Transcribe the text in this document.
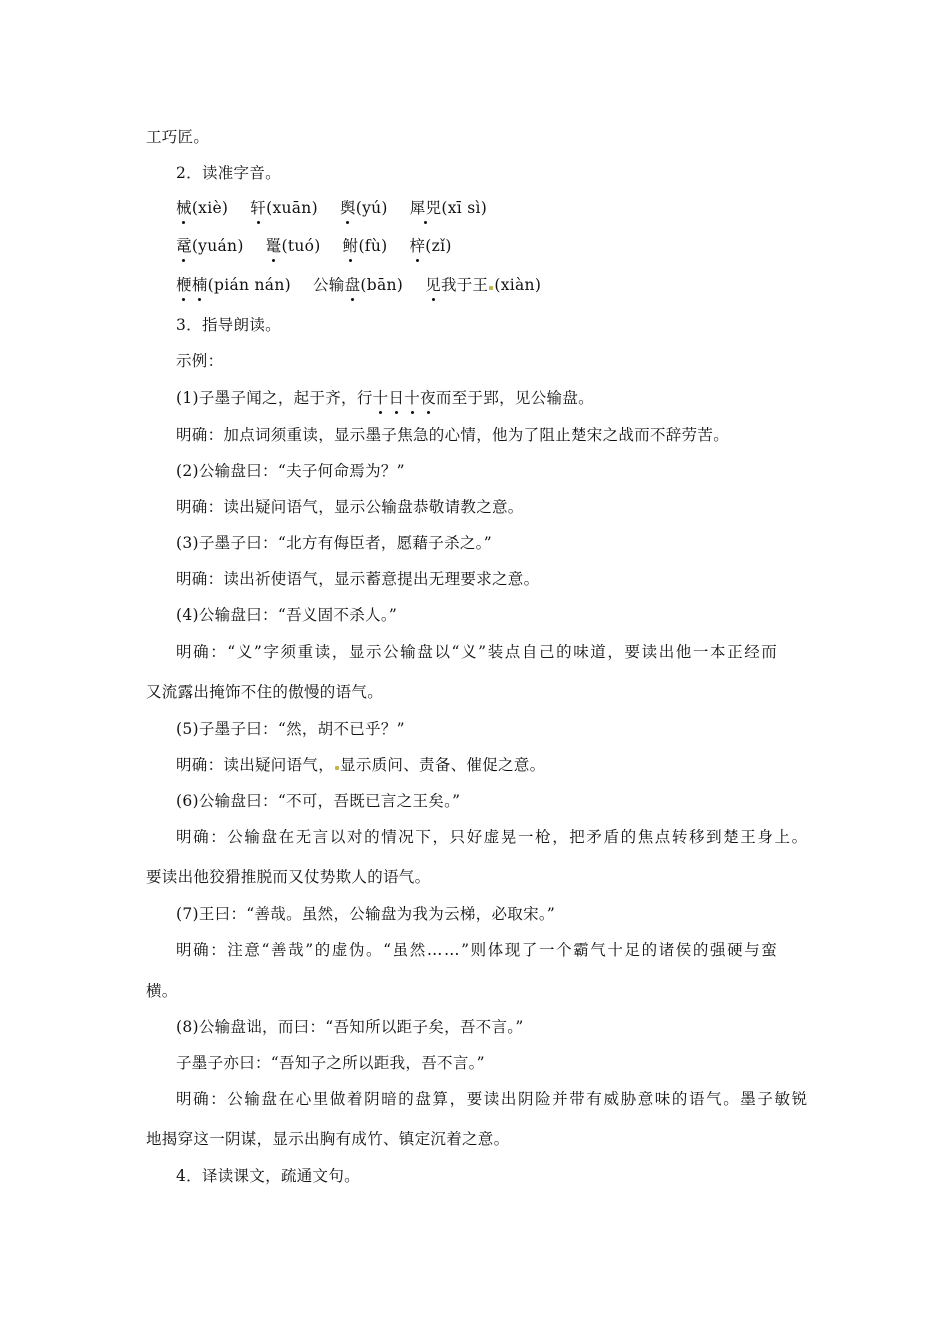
工巧匠。
2．读准字音。
械(xiè) 轩(xuān) 舆(yú) 犀兕(xī sì)
鼋(yuán) 鼍(tuó) 鲋(fù) 梓(zǐ)
楩楠(pián nán) 公输盘(bān) 见我于王 (xiàn)
3．指导朗读。
示例：
(1)子墨子闻之，起于齐，行十日十夜而至于郢，见公输盘。
明确：加点词须重读，显示墨子焦急的心情，他为了阻止楚宋之战而不辞劳苦。
(2)公输盘曰：“夫子何命焉为？”
明确：读出疑问语气，显示公输盘恭敬请教之意。
(3)子墨子曰：“北方有侮臣者，愿藉子杀之。”
明确：读出祈使语气，显示蓄意提出无理要求之意。
(4)公输盘曰：“吾义固不杀人。”
明确：“义”字须重读，显示公输盘以“义”装点自己的味道，要读出他一本正经而
又流露出掩饰不住的傲慢的语气。
(5)子墨子曰：“然，胡不已乎？”
明确：读出疑问语气， 显示质问、责备、催促之意。
(6)公输盘曰：“不可，吾既已言之王矣。”
明确：公输盘在无言以对的情况下，只好虚晃一枪，把矛盾的焦点转移到楚王身上。
要读出他狡猾推脱而又仗势欺人的语气。
(7)王曰：“善哉。虽然，公输盘为我为云梯，必取宋。”
明确：注意“善哉”的虚伪。“虽然……”则体现了一个霸气十足的诸侯的强硬与蛮
横。
(8)公输盘诎，而曰：“吾知所以距子矣，吾不言。”
子墨子亦曰：“吾知子之所以距我，吾不言。”
明确：公输盘在心里做着阴暗的盘算，要读出阴险并带有威胁意味的语气。墨子敏锐
地揭穿这一阴谋，显示出胸有成竹、镇定沉着之意。
4．译读课文，疏通文句。
